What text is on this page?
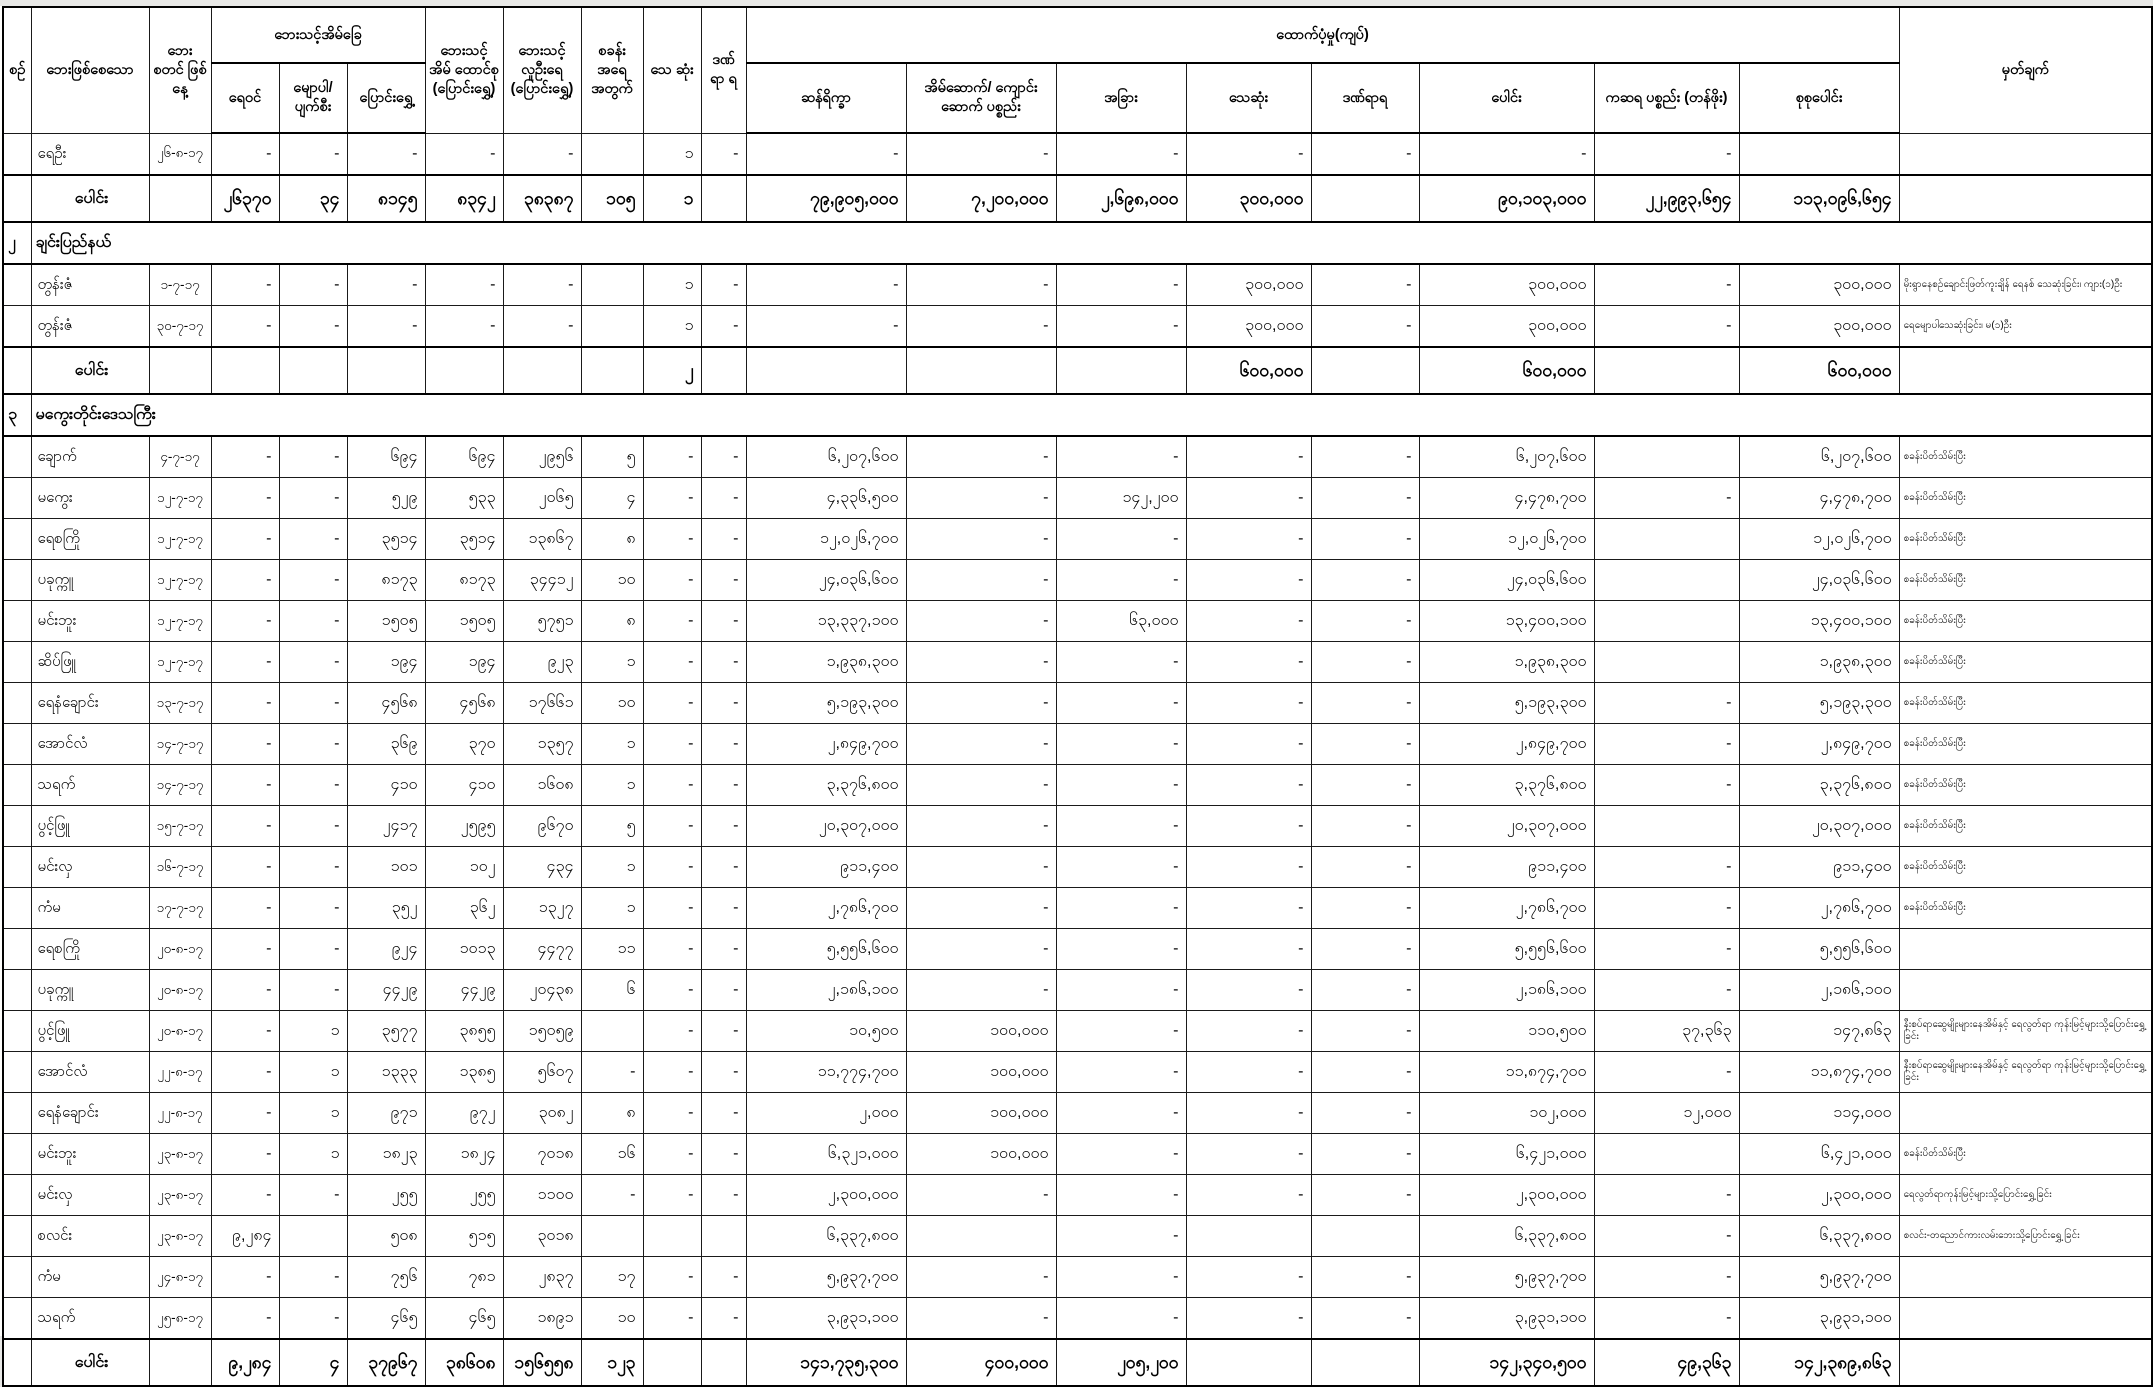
စဉ်	ဘေးဖြစ်စေသော	ဘေး စတင် ဖြစ်နေ့	ဘေးသင့်အိမ်ခြေ			ဘေးသင့် အိမ် ထောင်စု (ပြောင်းရွှေ့)	ဘေးသင့် လူဦးရေ (ပြောင်းရွှေ့)	စခန်း အရေ အတွက်	သေ ဆုံး	ဒဏ် ရာ ရ	ထောက်ပံ့မှု(ကျပ်)								မှတ်ချက်
			ရေဝင်	မျောပါ/ ပျက်စီး	ပြောင်းရွှေ့						ဆန်ရိက္ခာ	အိမ်ဆောက်/ ကျောင်းဆောက် ပစ္စည်း	အခြား	သေဆုံး	ဒဏ်ရာရ	ပေါင်း	ကဆရ ပစ္စည်း (တန်ဖိုး)	စုစုပေါင်း	
	ရေဦး	၂၆-၈-၁၇	-	-	-	-	-		၁	-	-	-	-	-	-	-	-		
	ပေါင်း		၂၆၃၇၀	၃၄	၈၁၄၅	၈၃၄၂	၃၈၃၈၇	၁၀၅	၁		၇၉,၉၀၅,၀၀၀	၇,၂၀၀,၀၀၀	၂,၆၉၈,၀၀၀	၃၀၀,၀၀၀		၉၀,၁၀၃,၀၀၀	၂၂,၉၉၃,၆၅၄	၁၁၃,၀၉၆,၆၅၄	
၂	ချင်းပြည်နယ်																		
	တွန်းဇံ	၁-၇-၁၇	-	-	-	-	-		၁	-	-	-	-	၃၀၀,၀၀၀	-	၃၀၀,၀၀၀	-	၃၀၀,၀၀၀	မိုးရွာနေစဉ်ချောင်းဖြတ်ကူးချိန် ရေနစ် သေဆုံးခြင်း၊ ကျား(၁)ဦး
	တွန်းဇံ	၃၀-၇-၁၇	-	-	-	-	-		၁	-	-	-	-	၃၀၀,၀၀၀	-	၃၀၀,၀၀၀	-	၃၀၀,၀၀၀	ရေမျောပါသေဆုံးခြင်း၊ မ(၁)ဦး
	ပေါင်း								၂					၆၀၀,၀၀၀		၆၀၀,၀၀၀		၆၀၀,၀၀၀	
၃	မကွေးတိုင်းဒေသကြီး																		
	ချောက်	၄-၇-၁၇	-	-	၆၉၄	၆၉၄	၂၉၅၆	၅	-	-	၆,၂၀၇,၆၀၀	-	-	-	-	၆,၂၀၇,၆၀၀		၆,၂၀၇,၆၀၀	စခန်းပိတ်သိမ်းပြီး
	မကွေး	၁၂-၇-၁၇	-	-	၅၂၉	၅၃၃	၂၀၆၅	၄	-	-	၄,၃၃၆,၅၀၀	-	၁၄၂,၂၀၀	-	-	၄,၄၇၈,၇၀၀	-	၄,၄၇၈,၇၀၀	စခန်းပိတ်သိမ်းပြီး
	ရေစကြို	၁၂-၇-၁၇	-	-	၃၅၁၄	၃၅၁၄	၁၃၈၆၇	၈	-	-	၁၂,၀၂၆,၇၀၀	-	-	-	-	၁၂,၀၂၆,၇၀၀		၁၂,၀၂၆,၇၀၀	စခန်းပိတ်သိမ်းပြီး
	ပခုက္ကူ	၁၂-၇-၁၇	-	-	၈၁၇၃	၈၁၇၃	၃၄၄၁၂	၁၀	-	-	၂၄,၀၃၆,၆၀၀	-	-	-	-	၂၄,၀၃၆,၆၀၀		၂၄,၀၃၆,၆၀၀	စခန်းပိတ်သိမ်းပြီး
	မင်းဘူး	၁၂-၇-၁၇	-	-	၁၅၀၅	၁၅၀၅	၅၇၅၁	၈	-	-	၁၃,၃၃၇,၁၀၀	-	၆၃,၀၀၀	-	-	၁၃,၄၀၀,၁၀၀		၁၃,၄၀၀,၁၀၀	စခန်းပိတ်သိမ်းပြီး
	ဆိပ်ဖြူ	၁၂-၇-၁၇	-	-	၁၉၄	၁၉၄	၉၂၃	၁	-	-	၁,၉၃၈,၃၀၀	-	-	-	-	၁,၉၃၈,၃၀၀		၁,၉၃၈,၃၀၀	စခန်းပိတ်သိမ်းပြီး
	ရေနံချောင်း	၁၃-၇-၁၇	-	-	၄၅၆၈	၄၅၆၈	၁၇၆၆၁	၁၀	-	-	၅,၁၉၃,၃၀၀	-	-	-	-	၅,၁၉၃,၃၀၀	-	၅,၁၉၃,၃၀၀	စခန်းပိတ်သိမ်းပြီး
	အောင်လံ	၁၄-၇-၁၇	-	-	၃၆၉	၃၇၀	၁၃၅၇	၁	-	-	၂,၈၄၉,၇၀၀	-	-	-	-	၂,၈၄၉,၇၀၀	-	၂,၈၄၉,၇၀၀	စခန်းပိတ်သိမ်းပြီး
	သရက်	၁၄-၇-၁၇	-	-	၄၁၀	၄၁၀	၁၆၀၈	၁	-	-	၃,၃၇၆,၈၀၀	-	-	-	-	၃,၃၇၆,၈၀၀	-	၃,၃၇၆,၈၀၀	စခန်းပိတ်သိမ်းပြီး
	ပွင့်ဖြူ	၁၅-၇-၁၇	-	-	၂၄၁၇	၂၅၉၅	၉၆၇၀	၅	-	-	၂၀,၃၀၇,၀၀၀	-	-	-	-	၂၀,၃၀၇,၀၀၀		၂၀,၃၀၇,၀၀၀	စခန်းပိတ်သိမ်းပြီး
	မင်းလှ	၁၆-၇-၁၇	-	-	၁၀၁	၁၀၂	၄၃၄	၁	-	-	၉၁၁,၄၀၀	-	-	-	-	၉၁၁,၄၀၀	-	၉၁၁,၄၀၀	စခန်းပိတ်သိမ်းပြီး
	ကံမ	၁၇-၇-၁၇	-	-	၃၅၂	၃၆၂	၁၃၂၇	၁	-	-	၂,၇၈၆,၇၀၀	-	-	-	-	၂,၇၈၆,၇၀၀	-	၂,၇၈၆,၇၀၀	စခန်းပိတ်သိမ်းပြီး
	ရေစကြို	၂၀-၈-၁၇	-	-	၉၂၄	၁၀၁၃	၄၄၇၇	၁၁	-	-	၅,၅၅၆,၆၀၀	-	-	-	-	၅,၅၅၆,၆၀၀	-	၅,၅၅၆,၆၀၀	
	ပခုက္ကူ	၂၀-၈-၁၇	-	-	၄၄၂၉	၄၄၂၉	၂၀၄၃၈	၆	-	-	၂,၁၈၆,၁၀၀	-	-	-	-	၂,၁၈၆,၁၀၀	-	၂,၁၈၆,၁၀၀	
	ပွင့်ဖြူ	၂၀-၈-၁၇	-	၁	၃၅၇၇	၃၈၅၅	၁၅၀၅၉		-	-	၁၀,၅၀၀	၁၀၀,၀၀၀	-	-	-	၁၁၀,၅၀၀	၃၇,၃၆၃	၁၄၇,၈၆၃	နီးစပ်ရာဆွေမျိုးများနေအိမ်နှင့် ရေလွတ်ရာ ကုန်းမြင့်များသို့ပြောင်းရွှေ့ခြင်း
	အောင်လံ	၂၂-၈-၁၇	-	၁	၁၃၃၃	၁၃၈၅	၅၆၀၇	-	-	-	၁၁,၇၇၄,၇၀၀	၁၀၀,၀၀၀	-	-	-	၁၁,၈၇၄,၇၀၀	-	၁၁,၈၇၄,၇၀၀	နီးစပ်ရာဆွေမျိုးများနေအိမ်နှင့် ရေလွတ်ရာ ကုန်းမြင့်များသို့ပြောင်းရွှေ့ခြင်း
	ရေနံချောင်း	၂၂-၈-၁၇	-	၁	၉၇၁	၉၇၂	၃၀၈၂	၈	-	-	၂,၀၀၀	၁၀၀,၀၀၀	-	-	-	၁၀၂,၀၀၀	၁၂,၀၀၀	၁၁၄,၀၀၀	
	မင်းဘူး	၂၃-၈-၁၇	-	၁	၁၈၂၃	၁၈၂၄	၇၀၁၈	၁၆	-	-	၆,၃၂၁,၀၀၀	၁၀၀,၀၀၀	-	-	-	၆,၄၂၁,၀၀၀		၆,၄၂၁,၀၀၀	စခန်းပိတ်သိမ်းပြီး
	မင်းလှ	၂၃-၈-၁၇	-	-	၂၅၅	၂၅၅	၁၁၀၀	-	-	-	၂,၃၀၀,၀၀၀	-	-	-	-	၂,၃၀၀,၀၀၀	-	၂,၃၀၀,၀၀၀	ရေလွတ်ရာကုန်းမြင့်များသို့ပြောင်းရွှေ့ခြင်း
	စလင်း	၂၃-၈-၁၇	၉,၂၈၄		၅၀၈	၅၁၅	၃၀၁၈				၆,၃၃၇,၈၀၀		-			၆,၃၃၇,၈၀၀	-	၆,၃၃၇,၈၀၀	စလင်း-တညောင်ကားလမ်းဘေးသို့ပြောင်းရွှေ့ ခြင်း
	ကံမ	၂၄-၈-၁၇	-	-	၇၅၆	၇၈၁	၂၈၃၇	၁၇	-	-	၅,၉၃၇,၇၀၀	-	-	-	-	၅,၉၃၇,၇၀၀	-	၅,၉၃၇,၇၀၀	
	သရက်	၂၅-၈-၁၇	-	-	၄၆၅	၄၆၅	၁၈၉၁	၁၀	-	-	၃,၉၃၁,၁၀၀	-	-	-	-	၃,၉၃၁,၁၀၀	-	၃,၉၃၁,၁၀၀	
	ပေါင်း		၉,၂၈၄	၄	၃၇၉၆၇	၃၈၆၀၈	၁၅၆၅၅၈	၁၂၃			၁၄၁,၇၃၅,၃၀၀	၄၀၀,၀၀၀	၂၀၅,၂၀၀			၁၄၂,၃၄၀,၅၀၀	၄၉,၃၆၃	၁၄၂,၃၈၉,၈၆၃	
